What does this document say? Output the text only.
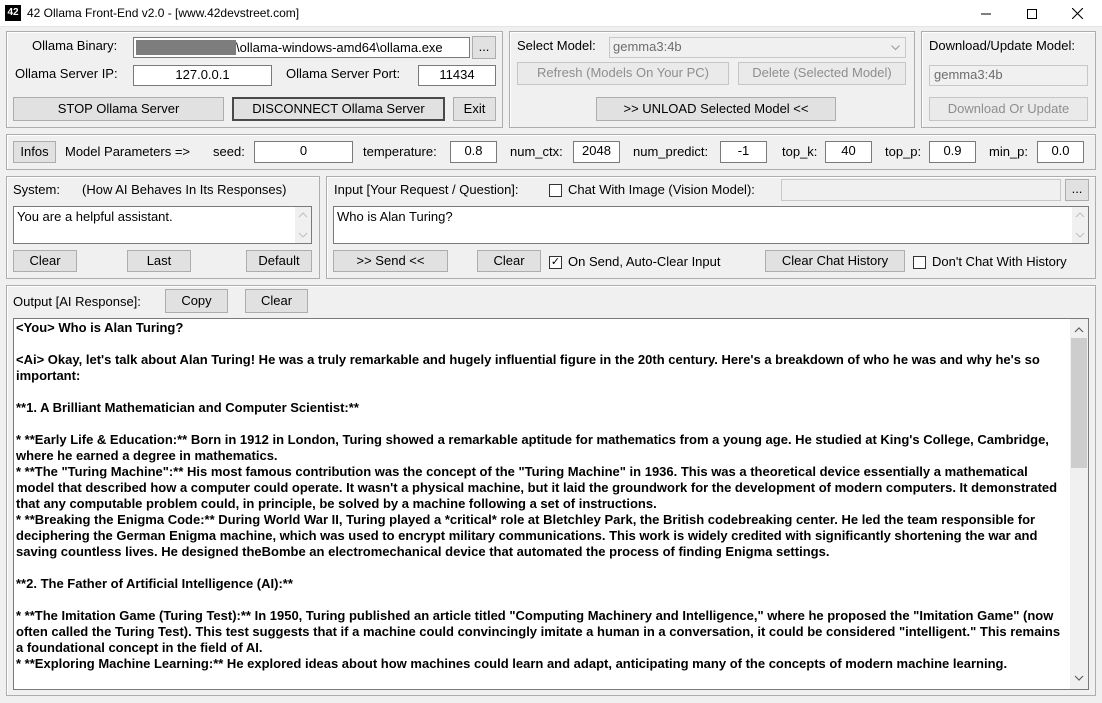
42 42 Ollama Front-End v2.0 - [www.42devstreet.com]
Ollama Binary:	\ollama-windows-amd64\ollama.exe	...
Ollama Server IP:	127.0.0.1	Ollama Server Port:	11434
STOP Ollama Server	DISCONNECT Ollama Server	Exit
Select Model:	gemma3:4b
Refresh (Models On Your PC)	Delete (Selected Model)
>> UNLOAD Selected Model <<
Download/Update Model:
gemma3:4b
Download Or Update
Infos	Model Parameters => seed:	0	temperature:	0.8	num_ctx:	2048	num_predict:	-1	top_k:	40	top_p:	0.9	min_p:	0.0
System: (How AI Behaves In Its Responses)
You are a helpful assistant.
Clear	Last	Default
Input [Your Request / Question]:	Chat With Image (Vision Model):	...
Who is Alan Turing?
>> Send <<	Clear	✓ On Send, Auto-Clear Input	Clear Chat History	Don't Chat With History
Output [AI Response]:	Copy	Clear
<You> Who is Alan Turing?

<Ai> Okay, let's talk about Alan Turing! He was a truly remarkable and hugely influential figure in the 20th century. Here's a breakdown of who he was and why he's so important:

**1. A Brilliant Mathematician and Computer Scientist:**

* **Early Life & Education:** Born in 1912 in London, Turing showed a remarkable aptitude for mathematics from a young age. He studied at King's College, Cambridge, where he earned a degree in mathematics.
* **The "Turing Machine":** His most famous contribution was the concept of the "Turing Machine" in 1936. This was a theoretical device essentially a mathematical model that described how a computer could operate. It wasn't a physical machine, but it laid the groundwork for the development of modern computers. It demonstrated that any computable problem could, in principle, be solved by a machine following a set of instructions.
* **Breaking the Enigma Code:** During World War II, Turing played a *critical* role at Bletchley Park, the British codebreaking center. He led the team responsible for deciphering the German Enigma machine, which was used to encrypt military communications. This work is widely credited with significantly shortening the war and saving countless lives. He designed theBombe an electromechanical device that automated the process of finding Enigma settings.

**2. The Father of Artificial Intelligence (AI):**

* **The Imitation Game (Turing Test):** In 1950, Turing published an article titled "Computing Machinery and Intelligence," where he proposed the "Imitation Game" (now often called the Turing Test). This test suggests that if a machine could convincingly imitate a human in a conversation, it could be considered "intelligent." This remains a foundational concept in the field of AI.
* **Exploring Machine Learning:** He explored ideas about how machines could learn and adapt, anticipating many of the concepts of modern machine learning.
